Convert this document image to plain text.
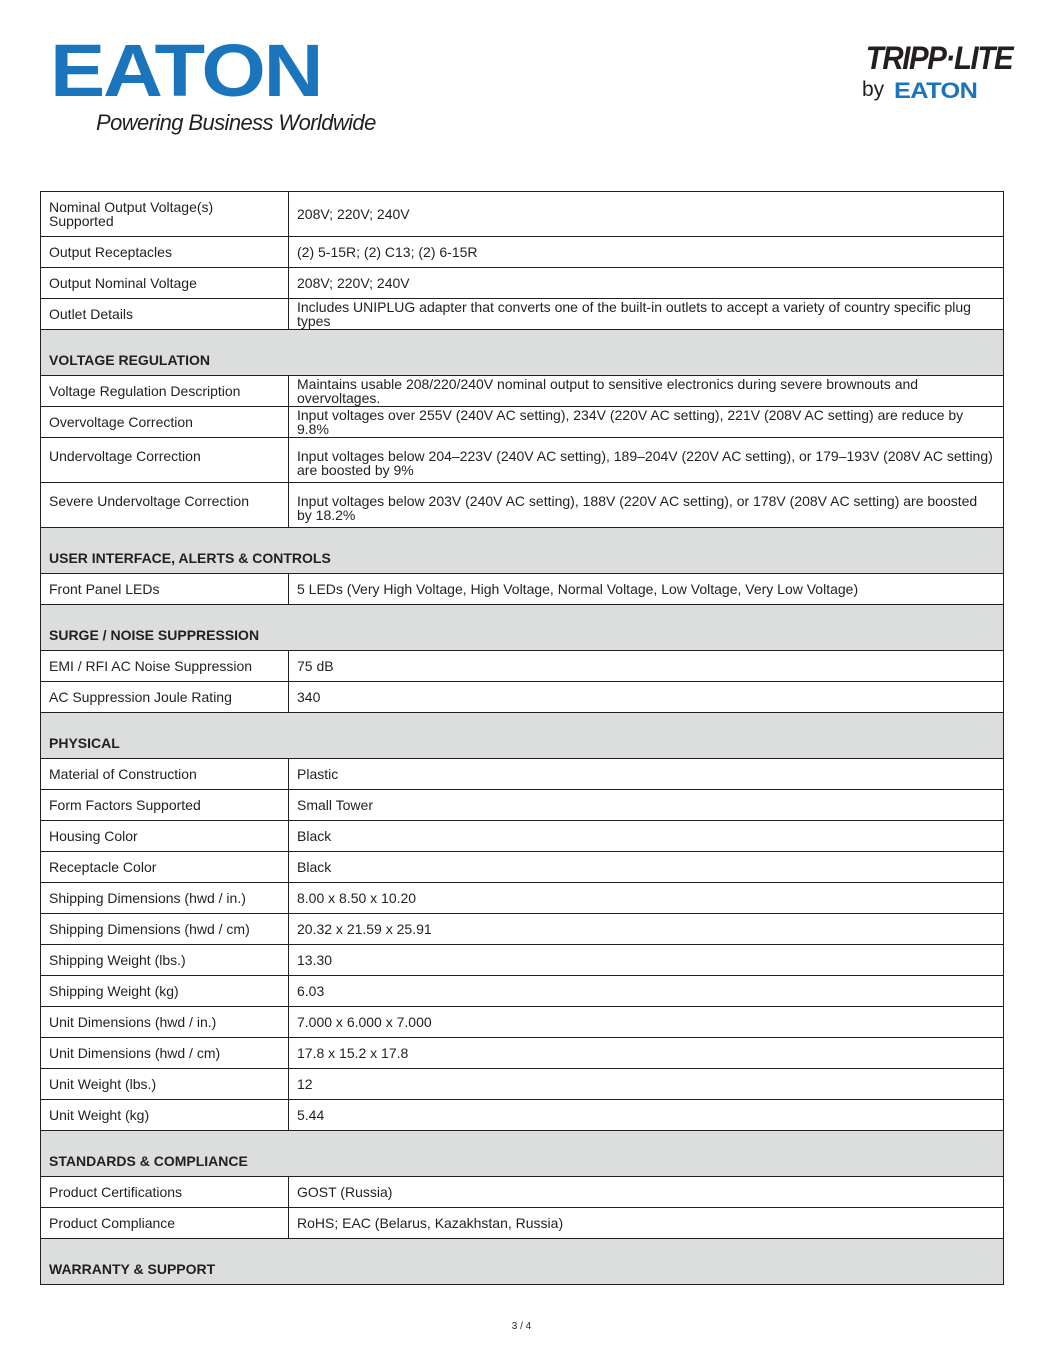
EATON
Powering Business Worldwide
TRIPP·LITE
by EATON
Nominal Output Voltage(s) Supported	208V; 220V; 240V
Output Receptacles	(2) 5-15R; (2) C13; (2) 6-15R
Output Nominal Voltage	208V; 220V; 240V
Outlet Details	Includes UNIPLUG adapter that converts one of the built-in outlets to accept a variety of country specific plug types
VOLTAGE REGULATION
Voltage Regulation Description	Maintains usable 208/220/240V nominal output to sensitive electronics during severe brownouts and overvoltages.
Overvoltage Correction	Input voltages over 255V (240V AC setting), 234V (220V AC setting), 221V (208V AC setting) are reduce by 9.8%
Undervoltage Correction	Input voltages below 204–223V (240V AC setting), 189–204V (220V AC setting), or 179–193V (208V AC setting) are boosted by 9%
Severe Undervoltage Correction	Input voltages below 203V (240V AC setting), 188V (220V AC setting), or 178V (208V AC setting) are boosted by 18.2%
USER INTERFACE, ALERTS & CONTROLS
Front Panel LEDs	5 LEDs (Very High Voltage, High Voltage, Normal Voltage, Low Voltage, Very Low Voltage)
SURGE / NOISE SUPPRESSION
EMI / RFI AC Noise Suppression	75 dB
AC Suppression Joule Rating	340
PHYSICAL
Material of Construction	Plastic
Form Factors Supported	Small Tower
Housing Color	Black
Receptacle Color	Black
Shipping Dimensions (hwd / in.)	8.00 x 8.50 x 10.20
Shipping Dimensions (hwd / cm)	20.32 x 21.59 x 25.91
Shipping Weight (lbs.)	13.30
Shipping Weight (kg)	6.03
Unit Dimensions (hwd / in.)	7.000 x 6.000 x 7.000
Unit Dimensions (hwd / cm)	17.8 x 15.2 x 17.8
Unit Weight (lbs.)	12
Unit Weight (kg)	5.44
STANDARDS & COMPLIANCE
Product Certifications	GOST (Russia)
Product Compliance	RoHS; EAC (Belarus, Kazakhstan, Russia)
WARRANTY & SUPPORT
3 / 4
